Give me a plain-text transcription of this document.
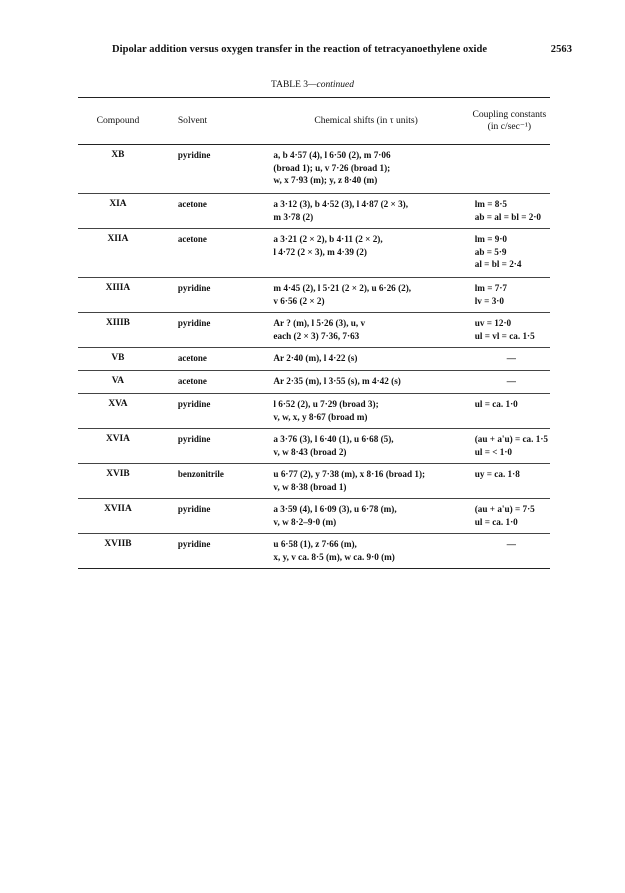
Dipolar addition versus oxygen transfer in the reaction of tetracyanoethylene oxide	2563
TABLE 3—continued
Compound	Solvent	Chemical shifts (in τ units)	Coupling constants
(in c/sec⁻¹)

XB	pyridine	a, b 4·57 (4), l 6·50 (2), m 7·06
(broad 1); u, v 7·26 (broad 1);
w, x 7·93 (m); y, z 8·40 (m)	

XIA	acetone	a 3·12 (3), b 4·52 (3), l 4·87 (2 × 3),
m 3·78 (2)	lm = 8·5
ab = al = bl = 2·0

XIIA	acetone	a 3·21 (2 × 2), b 4·11 (2 × 2),
l 4·72 (2 × 3), m 4·39 (2)	lm = 9·0
ab = 5·9
al = bl = 2·4

XIIIA	pyridine	m 4·45 (2), l 5·21 (2 × 2), u 6·26 (2),
v 6·56 (2 × 2)	lm = 7·7
lv = 3·0

XIIIB	pyridine	Ar ? (m), l 5·26 (3), u, v
each (2 × 3) 7·36, 7·63	uv = 12·0
ul = vl = ca. 1·5

VB	acetone	Ar 2·40 (m), l 4·22 (s)	—

VA	acetone	Ar 2·35 (m), l 3·55 (s), m 4·42 (s)	—

XVA	pyridine	l 6·52 (2), u 7·29 (broad 3);
v, w, x, y 8·67 (broad m)	ul = ca. 1·0

XVIA	pyridine	a 3·76 (3), l 6·40 (1), u 6·68 (5),
v, w 8·43 (broad 2)	(au + a'u) = ca. 1·5
ul = < 1·0

XVIB	benzonitrile	u 6·77 (2), y 7·38 (m), x 8·16 (broad 1);
v, w 8·38 (broad 1)	uy = ca. 1·8

XVIIA	pyridine	a 3·59 (4), l 6·09 (3), u 6·78 (m),
v, w 8·2–9·0 (m)	(au + a'u) = 7·5
ul = ca. 1·0

XVIIB	pyridine	u 6·58 (1), z 7·66 (m),
x, y, v ca. 8·5 (m), w ca. 9·0 (m)	—
